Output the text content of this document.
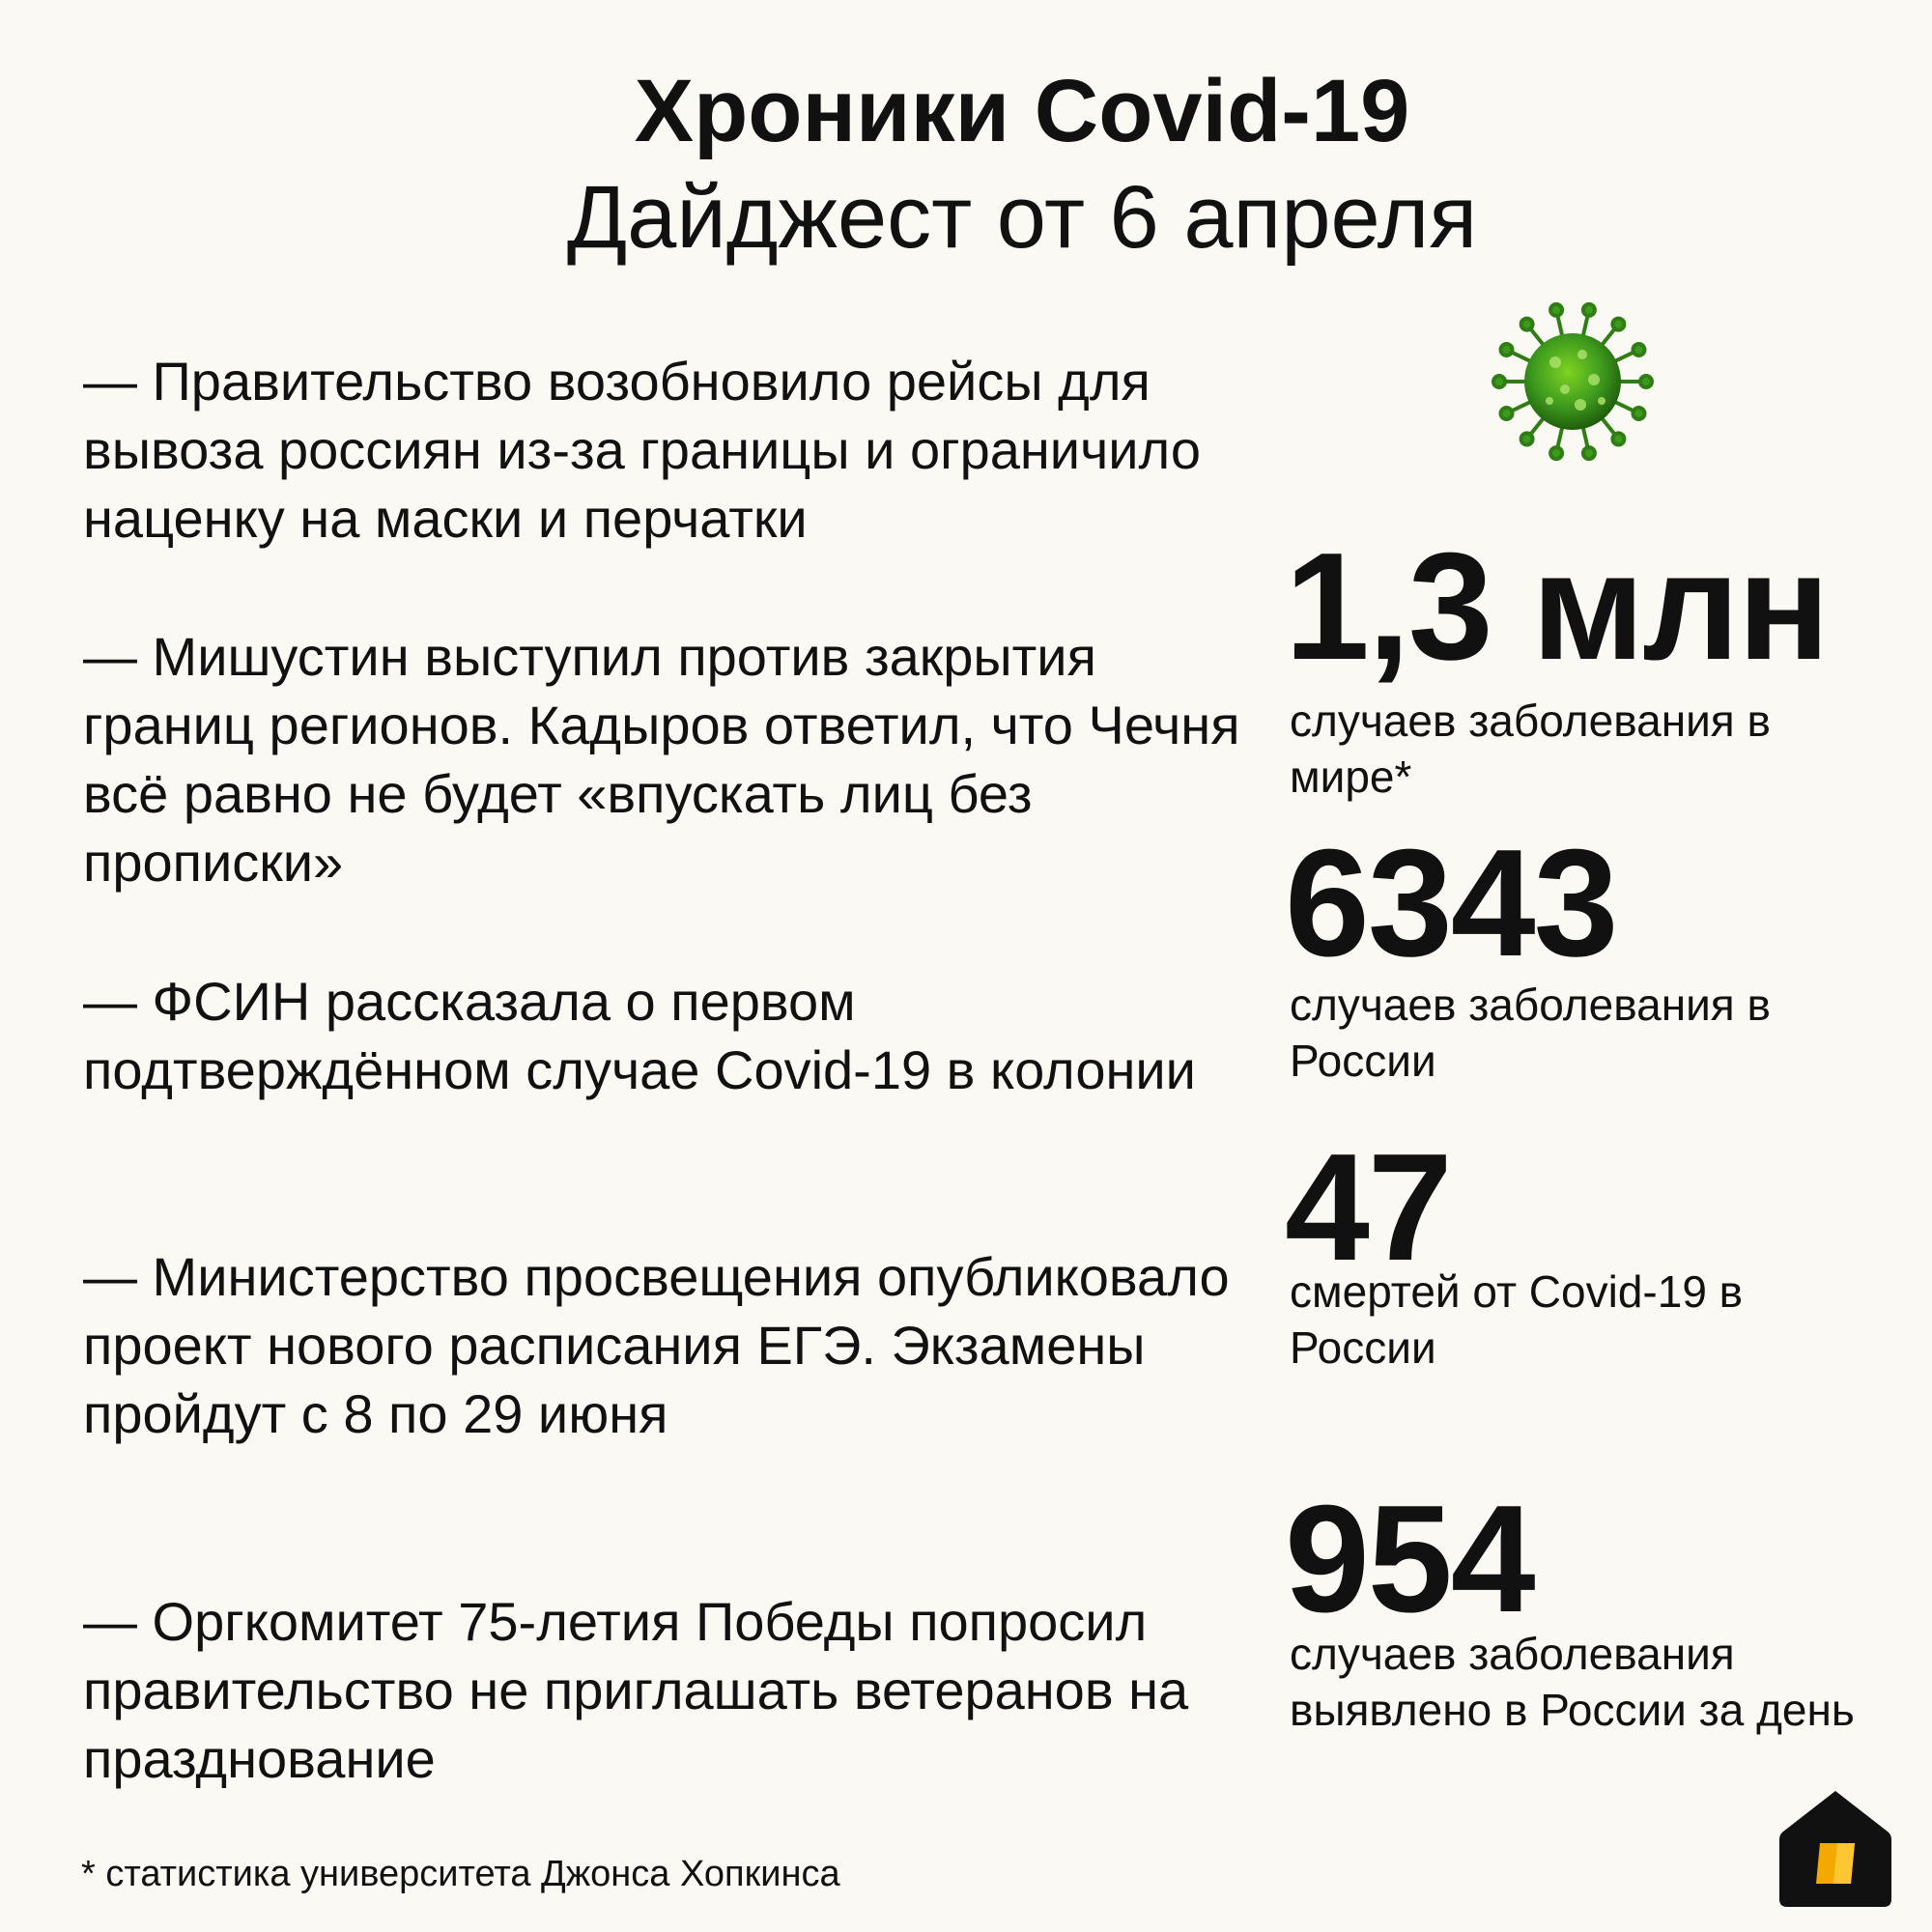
Хроники Covid-19
Дайджест от 6 апреля

— Правительство возобновило рейсы для вывоза россиян из-за границы и ограничило наценку на маски и перчатки

— Мишустин выступил против закрытия границ регионов. Кадыров ответил, что Чечня всё равно не будет «впускать лиц без прописки»

— ФСИН рассказала о первом подтверждённом случае Covid-19 в колонии

— Министерство просвещения опубликовало проект нового расписания ЕГЭ. Экзамены пройдут с 8 по 29 июня

— Оргкомитет 75-летия Победы попросил правительство не приглашать ветеранов на празднование

1,3 млн

случаев заболевания в мире*

6343

случаев заболевания в России

47

смертей от Covid-19 в России

954

случаев заболевания выявлено в России за день

* статистика университета Джонса Хопкинса
